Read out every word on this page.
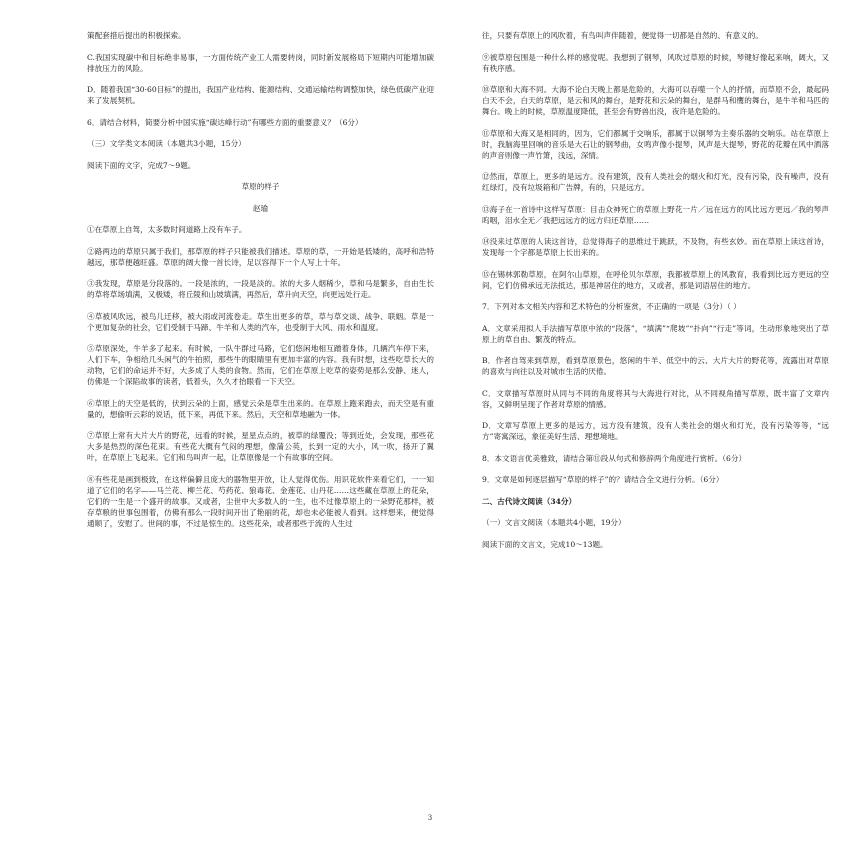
策配套措后提出的积极探索。

C.我国实现碳中和目标绝非易事，一方面传统产业工人需要转岗，同时新发展格局下短期内可能增加碳排放压力的风险。

D．随着我国“30·60目标”的提出，我国产业结构、能源结构、交通运输结构调整加快，绿色低碳产业迎来了发展契机。

6．请结合材料，简要分析中国实施“碳达峰行动”有哪些方面的重要意义？（6分）

（三）文学类文本阅读（本题共3小题，15分）

阅读下面的文字，完成7～9题。

草原的样子

赵瑜

①在草原上自驾，太多数时间道路上没有车子。

②路两边的草原只属于我们，那草原的样子只能被我们描述。草原的草，一开始是低矮的，高呼和浩特越远，那草便越旺盛。草原的阔大像一首长诗，足以容得下一个人写上十年。

③我发现，草原是分段落的。一段是浓的，一段是淡的。浓的大多人烟稀少，草和马是繁多，自由生长的草将草场填满，又极矮，将丘陵和山坡填满，再然后，草升向天空，向更远处行走。

④草被风吹远，被鸟儿迁移，被大雨或河流卷走。草生出更多的草，草与草交谈、战争、联姻。草是一个更加复杂的社会，它们受制于马蹄、牛羊和人类的汽车，也受制于大风、雨水和温度。

⑤草原深处，牛羊多了起来。有时候，一队牛群过马路，它们悠闲地相互蹭着身体，几辆汽车停下来，人们下车，争相给几头闲气的牛拍照，那些牛的眼睛里有更加丰富的内容。我有时想，这些吃草长大的动物，它们的命运并不好，大多成了人类的食物。然而，它们在草原上吃草的姿势是那么安静、迷人，仿佛是一个深陷故事的读者，低着头，久久才抬眼看一下天空。

⑥草原上的天空是低的，伏到云朵的上面，感觉云朵是草生出来的。在草原上跑来跑去，而天空是有重量的，想偷听云彩的说话，低下来，再低下来。然后，天空和草地融为一体。

⑦草原上常有大片大片的野花，远看的时候，星星点点的，被草的绿覆没；等到近处，会发现，那些花大多是热烈的深色花束。有些花大概有气闷的理想，像蒲公英，长到一定的大小，风一吹，扬开了翼叶，在草原上飞起来。它们和鸟叫声一起，让草原像是一个有故事的空间。

⑧有些花是画到极致，在这样偏僻且庞大的器物里开放，让人觉得优伤。用识花软件来看它们，一一知道了它们的名字——马兰花、柳兰花、芍药花、狼毒花、金莲花、山丹花……这些藏在草原上的花朵，它们的一生是一个盛开的故事。又或者，尘世中大多数人的一生，也不过像草原上的一朵野花那样，被存草粮的世事包围着，仿佛有那么一段时间开出了艳丽的花，却也未必能被人看到。这样想来，便觉得通顺了，安慰了。世间的事，不过是惊生的。这些花朵，或者那些于流的人生过

往，只要有草原上的风吹着，有鸟叫声伴随着，便觉得一切都是自然的、有意义的。

⑨被草原包围是一种什么样的感觉呢。我想到了钢琴，风吹过草原的时候，琴键好像起来响，阔大，又有秩序感。

⑩草原和大海不同。大海不论白天晚上都是危险的，大海可以吞噬一个人的抒情，而草原不会，最起码白天不会，白天的草原，是云和风的舞台，是野花和云朵的舞台，是群马和鹰的舞台，是牛羊和马匹的舞台。晚上的时候，草原温度降低，甚至会有野兽出没，夜许是危险的。

⑪草原和大海又是相同的，因为，它们都属于交响乐，都属于以铜琴为主奏乐器的交响乐。站在草原上时，我脑海里回响的音乐是大石让的钢琴曲，女鸣声像小提琴，风声是大提琴，野花的花瓣在风中洒落的声音则像一声竹箫，浅远，深情。

⑫然而，草原上，更多的是远方。没有建筑，没有人类社会的烟火和灯光，没有污染，没有噪声，没有红绿灯，没有垃圾箱和广告牌，有的，只是远方。

⑬海子在一首诗中这样写草原：目击众神死亡的草原上野花一片／远在远方的风比远方更远／我的琴声呜咽，泪水全无／我把远远方的远方归还草原……

⑭没来过草原的人读这首诗，总觉得海子的思维过于跳跃，不及物，有些玄妙。而在草原上读这首诗，发现每一个字都是草原上长出来的。

⑮在锡林郭勒草原，在阿尔山草原，在呼伦贝尔草原，我都被草原上的风教育，我看到比远方更远的空间，它们仿佛承远无法抵达，那是神居住的地方，又或者，那是词语居住的地方。

7．下列对本文相关内容和艺术特色的分析鉴赏，不正确的一项是（3分）（ ）

A．文章采用拟人手法描写草原中浓的“段落”，“填满”“爬坡”“扑向”“行走”等词，生动形象地突出了草原上的草自由、繁茂的特点。

B．作者自驾来到草原，看到草原景色，悠闲的牛羊、低空中的云、大片大片的野花等，流露出对草原的喜欢与向往以及对城市生活的厌倦。

C．文章描写草原时从同与不同的角度将其与大海进行对比，从不同视角描写草原，既丰富了文章内容，又鲜明呈现了作者对草原的情感。

D．文章写草原上更多的是远方，远方没有建筑，没有人类社会的烟火和灯光，没有污染等等，“远方”寄寓深远，象征美好生活、理想境地。

8．本文语言优美雅致，请结合第⑪段从句式和修辞两个角度进行赏析。（6分）

9．文章是如何逐层描写“草原的样子”的？请结合全文进行分析。（6分）

二、古代诗文阅读（34分）

（一）文言文阅读（本题共4小题，19分）

阅读下面的文言文，完成10～13题。

3
